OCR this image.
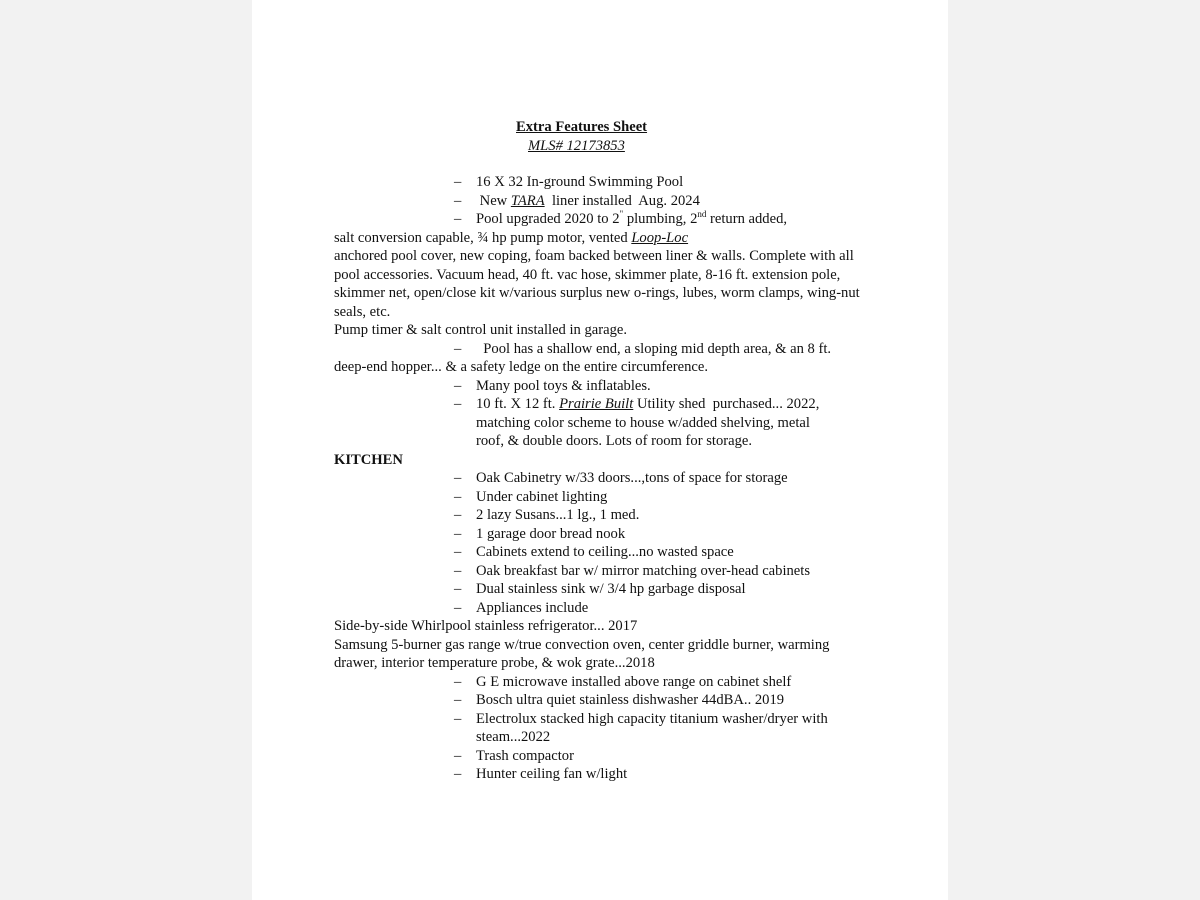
Extra Features Sheet
MLS# 12173853
– 16 X 32 In-ground Swimming Pool
– New TARA  liner installed  Aug. 2024
– Pool upgraded 2020 to 2" plumbing, 2nd return added,
salt conversion capable, ¾ hp pump motor, vented Loop-Loc
anchored pool cover, new coping, foam backed between liner & walls. Complete with all pool accessories. Vacuum head, 40 ft. vac hose, skimmer plate, 8-16 ft. extension pole, skimmer net, open/close kit w/various surplus new o-rings, lubes, worm clamps, wing-nut seals, etc.
Pump timer & salt control unit installed in garage.
– Pool has a shallow end, a sloping mid depth area, & an 8 ft.
deep-end hopper... & a safety ledge on the entire circumference.
– Many pool toys & inflatables.
– 10 ft. X 12 ft. Prairie Built Utility shed  purchased... 2022,
matching color scheme to house w/added shelving, metal
roof, & double doors. Lots of room for storage.
KITCHEN
– Oak Cabinetry w/33 doors...,tons of space for storage
– Under cabinet lighting
– 2 lazy Susans...1 lg., 1 med.
– 1 garage door bread nook
– Cabinets extend to ceiling...no wasted space
– Oak breakfast bar w/ mirror matching over-head cabinets
– Dual stainless sink w/ 3/4 hp garbage disposal
– Appliances include
Side-by-side Whirlpool stainless refrigerator... 2017
Samsung 5-burner gas range w/true convection oven, center griddle burner, warming drawer, interior temperature probe, & wok grate...2018
– G E microwave installed above range on cabinet shelf
– Bosch ultra quiet stainless dishwasher 44dBA.. 2019
– Electrolux stacked high capacity titanium washer/dryer with
steam...2022
– Trash compactor
– Hunter ceiling fan w/light
